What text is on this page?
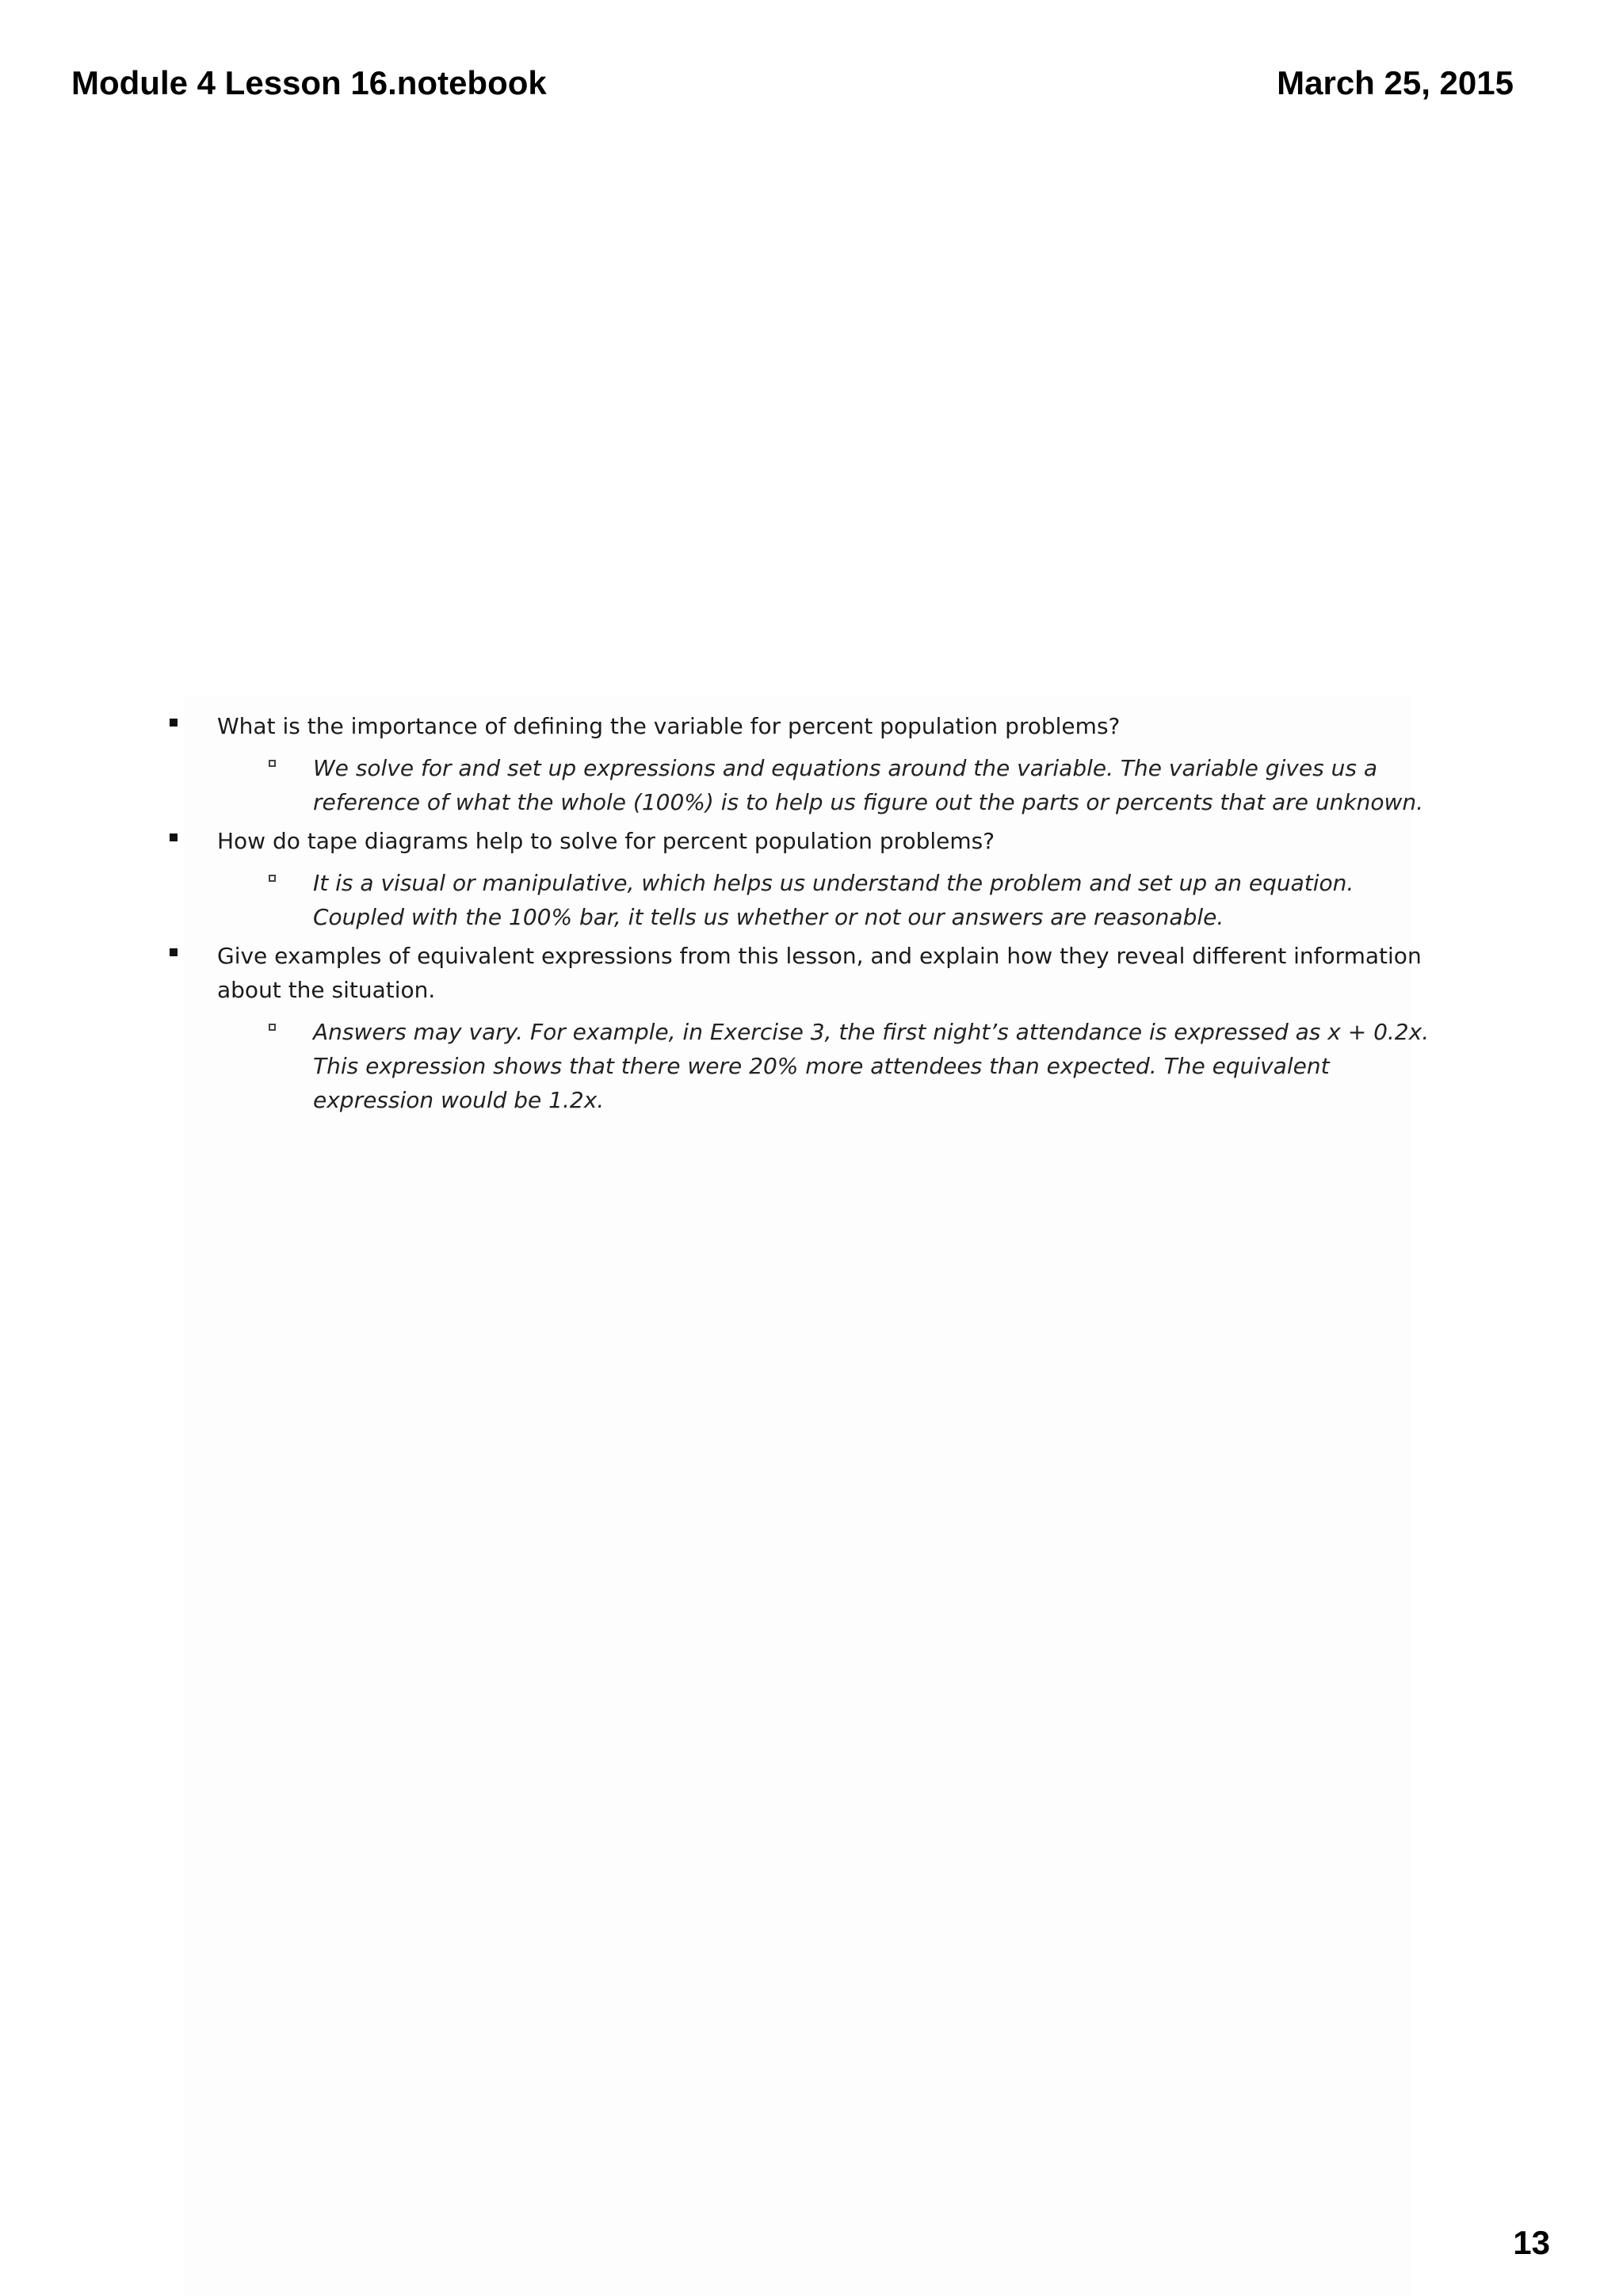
Module 4 Lesson 16.notebook	March 25, 2015

What is the importance of defining the variable for percent population problems?

We solve for and set up expressions and equations around the variable. The variable gives us a reference of what the whole (100%) is to help us figure out the parts or percents that are unknown.

How do tape diagrams help to solve for percent population problems?

It is a visual or manipulative, which helps us understand the problem and set up an equation. Coupled with the 100% bar, it tells us whether or not our answers are reasonable.

Give examples of equivalent expressions from this lesson, and explain how they reveal different information about the situation.

Answers may vary. For example, in Exercise 3, the first night’s attendance is expressed as x + 0.2x. This expression shows that there were 20% more attendees than expected. The equivalent expression would be 1.2x.
13
